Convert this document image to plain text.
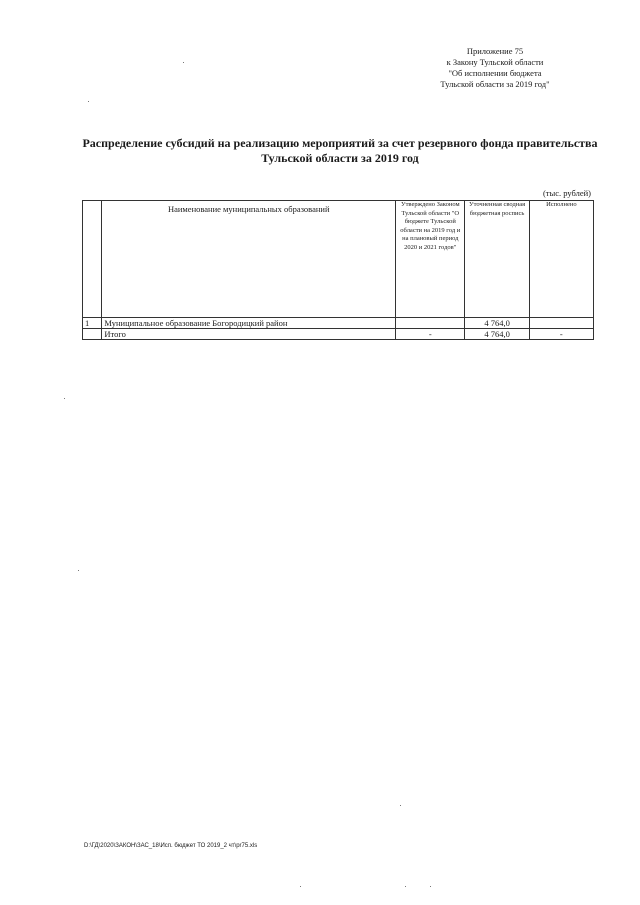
Приложение 75
к Закону Тульской области
"Об исполнении бюджета
Тульской области за 2019 год"
Распределение субсидий на реализацию мероприятий за счет резервного фонда правительства
Тульской области за 2019 год
(тыс. рублей)
	Наименование муниципальных образований	Утверждено Законом Тульской области "О бюджете Тульской области на 2019 год и на плановый период 2020 и 2021 годов"	Уточненная сводная бюджетная роспись	Исполнено
1	Муниципальное образование Богородицкий район		4 764,0	
	Итого	-	4 764,0	-
D:\ГД\2020\ЗАКОН\ЗАС_18\Исп. бюджет ТО 2019_2 чт\pr75.xls
